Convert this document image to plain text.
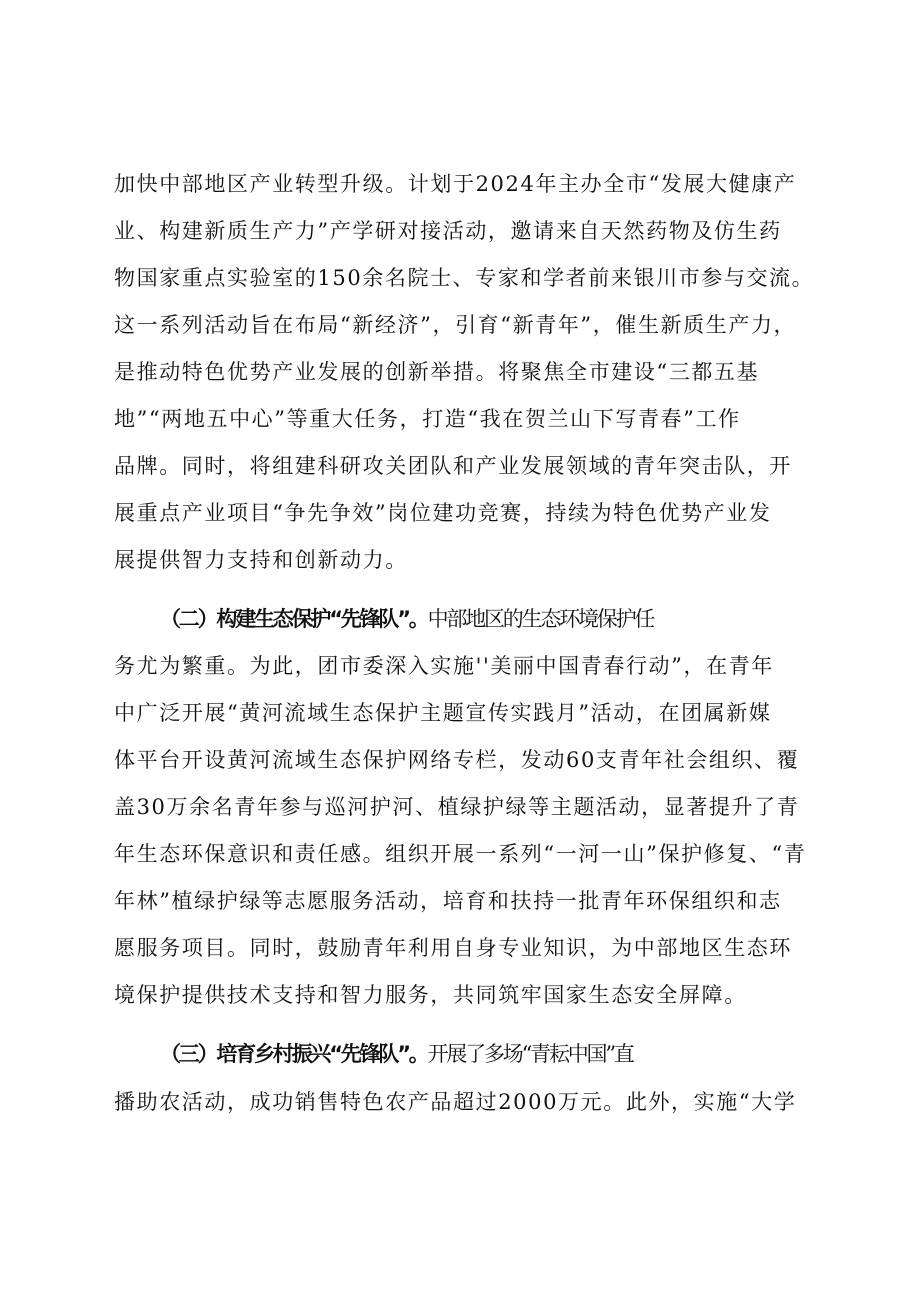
加快中部地区产业转型升级。计划于2024年主办全市“发展大健康产

业、构建新质生产力”产学研对接活动，邀请来自天然药物及仿生药

物国家重点实验室的150余名院士、专家和学者前来银川市参与交流。

这一系列活动旨在布局“新经济”，引育“新青年”，催生新质生产力，

是推动特色优势产业发展的创新举措。将聚焦全市建设“三都五基

地”“两地五中心”等重大任务，打造“我在贺兰山下写青春”工作

品牌。同时，将组建科研攻关团队和产业发展领域的青年突击队，开

展重点产业项目“争先争效”岗位建功竞赛，持续为特色优势产业发

展提供智力支持和创新动力。

（二）构建生态保护“先锋队”。中部地区的生态环境保护任

务尤为繁重。为此，团市委深入实施''美丽中国青春行动”，在青年

中广泛开展“黄河流域生态保护主题宣传实践月”活动，在团属新媒

体平台开设黄河流域生态保护网络专栏，发动60支青年社会组织、覆

盖30万余名青年参与巡河护河、植绿护绿等主题活动，显著提升了青

年生态环保意识和责任感。组织开展一系列“一河一山”保护修复、“青

年林”植绿护绿等志愿服务活动，培育和扶持一批青年环保组织和志

愿服务项目。同时，鼓励青年利用自身专业知识，为中部地区生态环

境保护提供技术支持和智力服务，共同筑牢国家生态安全屏障。

（三）培育乡村振兴“先锋队”。开展了多场“青耘中国”直

播助农活动，成功销售特色农产品超过2000万元。此外，实施“大学
